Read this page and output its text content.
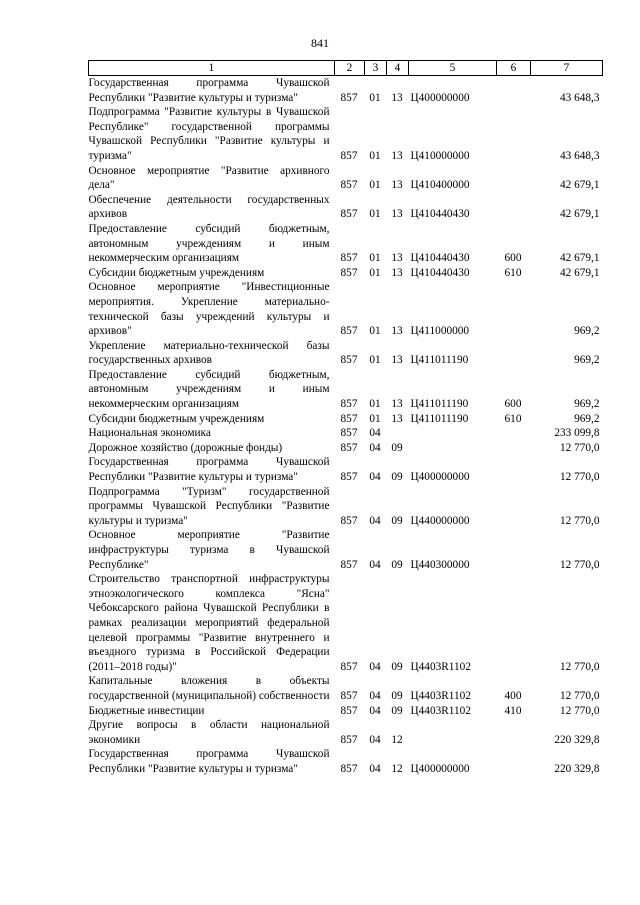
841
1	2	3	4	5	6	7
Государственная программа Чувашской Республики "Развитие культуры и туризма"	857	01	13	Ц400000000		43 648,3
Подпрограмма "Развитие культуры в Чувашской Республике" государственной программы Чувашской Республики "Развитие культуры и туризма"	857	01	13	Ц410000000		43 648,3
Основное мероприятие "Развитие архивного дела"	857	01	13	Ц410400000		42 679,1
Обеспечение деятельности государственных архивов	857	01	13	Ц410440430		42 679,1
Предоставление субсидий бюджетным, автономным учреждениям и иным некоммерческим организациям	857	01	13	Ц410440430	600	42 679,1
Субсидии бюджетным учреждениям	857	01	13	Ц410440430	610	42 679,1
Основное мероприятие "Инвестиционные мероприятия. Укрепление материально-технической базы учреждений культуры и архивов"	857	01	13	Ц411000000		969,2
Укрепление материально-технической базы государственных архивов	857	01	13	Ц411011190		969,2
Предоставление субсидий бюджетным, автономным учреждениям и иным некоммерческим организациям	857	01	13	Ц411011190	600	969,2
Субсидии бюджетным учреждениям	857	01	13	Ц411011190	610	969,2
Национальная экономика	857	04				233 099,8
Дорожное хозяйство (дорожные фонды)	857	04	09			12 770,0
Государственная программа Чувашской Республики "Развитие культуры и туризма"	857	04	09	Ц400000000		12 770,0
Подпрограмма "Туризм" государственной программы Чувашской Республики "Развитие культуры и туризма"	857	04	09	Ц440000000		12 770,0
Основное мероприятие "Развитие инфраструктуры туризма в Чувашской Республике"	857	04	09	Ц440300000		12 770,0
Строительство транспортной инфраструктуры этноэкологического комплекса "Ясна" Чебоксарского района Чувашской Республики в рамках реализации мероприятий федеральной целевой программы "Развитие внутреннего и въездного туризма в Российской Федерации (2011–2018 годы)"	857	04	09	Ц4403R1102		12 770,0
Капитальные вложения в объекты государственной (муниципальной) собственности	857	04	09	Ц4403R1102	400	12 770,0
Бюджетные инвестиции	857	04	09	Ц4403R1102	410	12 770,0
Другие вопросы в области национальной экономики	857	04	12			220 329,8
Государственная программа Чувашской Республики "Развитие культуры и туризма"	857	04	12	Ц400000000		220 329,8
